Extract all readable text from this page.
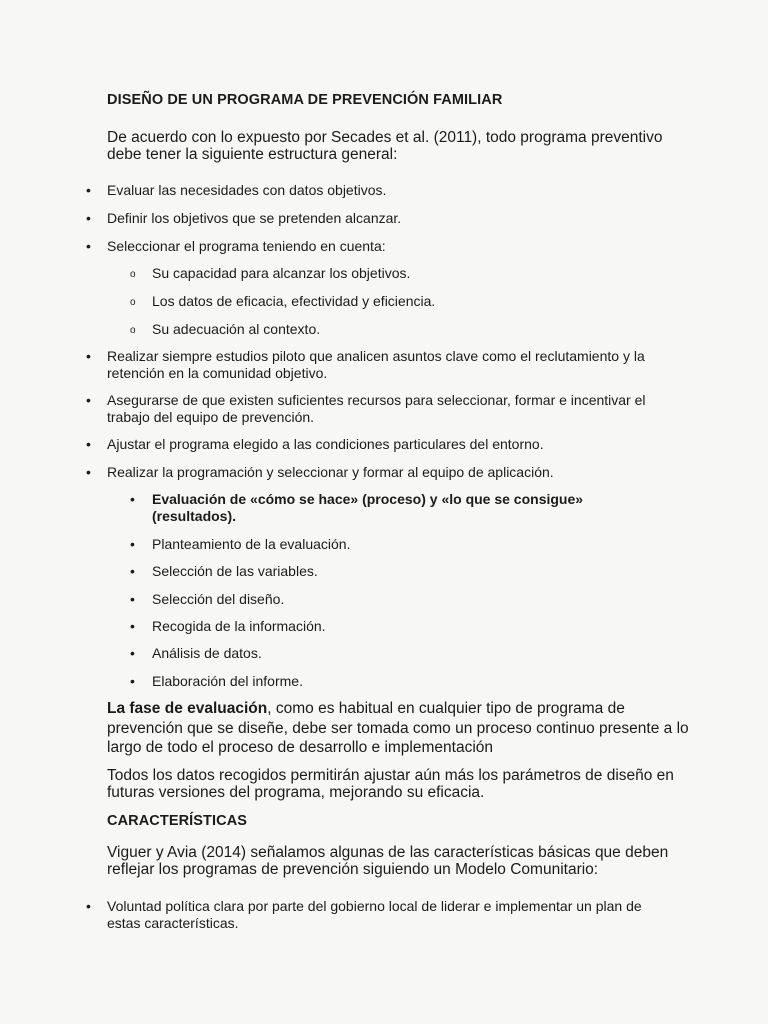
DISEÑO DE UN PROGRAMA DE PREVENCIÓN FAMILIAR
De acuerdo con lo expuesto por Secades et al. (2011), todo programa preventivo
debe tener la siguiente estructura general:
• Evaluar las necesidades con datos objetivos.
• Definir los objetivos que se pretenden alcanzar.
• Seleccionar el programa teniendo en cuenta:
o Su capacidad para alcanzar los objetivos.
o Los datos de eficacia, efectividad y eficiencia.
o Su adecuación al contexto.
• Realizar siempre estudios piloto que analicen asuntos clave como el reclutamiento y la
retención en la comunidad objetivo.
• Asegurarse de que existen suficientes recursos para seleccionar, formar e incentivar el
trabajo del equipo de prevención.
• Ajustar el programa elegido a las condiciones particulares del entorno.
• Realizar la programación y seleccionar y formar al equipo de aplicación.
• Evaluación de «cómo se hace» (proceso) y «lo que se consigue»
(resultados).
• Planteamiento de la evaluación.
• Selección de las variables.
• Selección del diseño.
• Recogida de la información.
• Análisis de datos.
• Elaboración del informe.
La fase de evaluación, como es habitual en cualquier tipo de programa de
prevención que se diseñe, debe ser tomada como un proceso continuo presente a lo
largo de todo el proceso de desarrollo e implementación
Todos los datos recogidos permitirán ajustar aún más los parámetros de diseño en
futuras versiones del programa, mejorando su eficacia.
CARACTERÍSTICAS
Viguer y Avia (2014) señalamos algunas de las características básicas que deben
reflejar los programas de prevención siguiendo un Modelo Comunitario:
• Voluntad política clara por parte del gobierno local de liderar e implementar un plan de
estas características.
